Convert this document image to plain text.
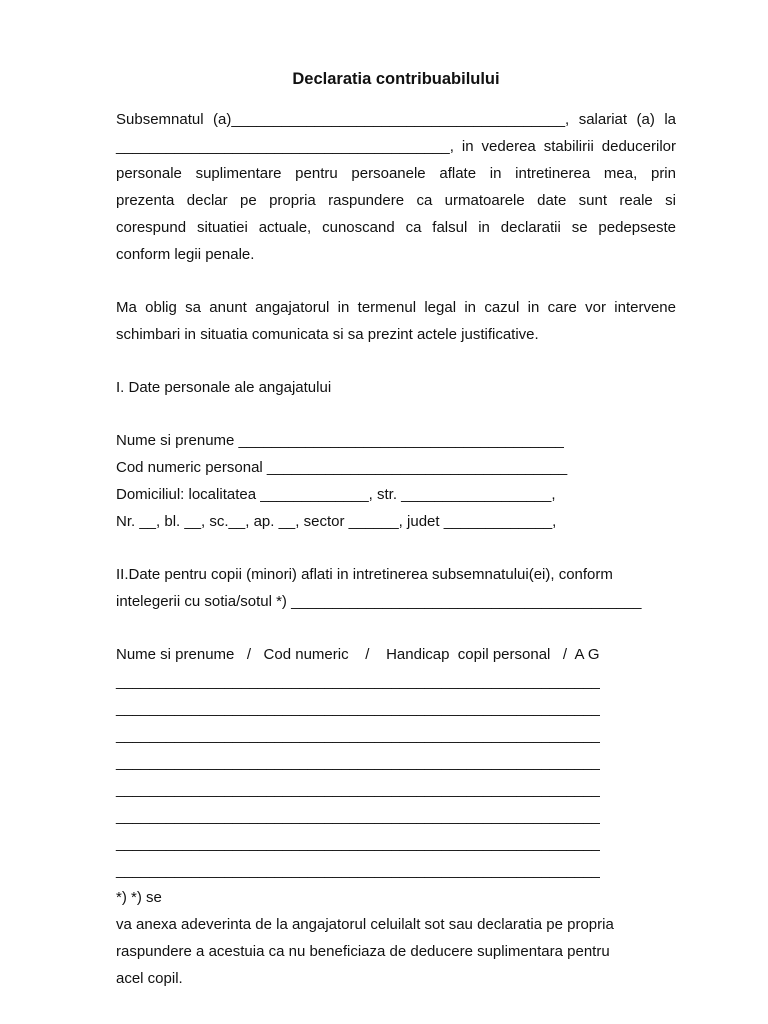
Declaratia contribuabilului
Subsemnatul (a)________________________________________, salariat (a) la
________________________________________, in vederea stabilirii deducerilor
personale suplimentare pentru persoanele aflate in intretinerea mea, prin
prezenta declar pe propria raspundere ca urmatoarele date sunt reale si
corespund situatiei actuale, cunoscand ca falsul in declaratii se pedepseste
conform legii penale.
Ma oblig sa anunt angajatorul in termenul legal in cazul in care vor intervene
schimbari in situatia comunicata si sa prezint actele justificative.
I. Date personale ale angajatului
Nume si prenume _______________________________________
Cod numeric personal ____________________________________
Domiciliul: localitatea _____________, str. __________________,
Nr. __, bl. __, sc.__, ap. __, sector ______, judet _____________,
II.Date pentru copii (minori) aflati in intretinerea subsemnatului(ei), conform
intelegerii cu sotia/sotul *) __________________________________________
Nume si prenume   /   Cod numeric    /    Handicap  copil personal   /  A G
__________________________________________________________
__________________________________________________________
__________________________________________________________
__________________________________________________________
__________________________________________________________
__________________________________________________________
__________________________________________________________
__________________________________________________________
*) *) se
va anexa adeverinta de la angajatorul celuilalt sot sau declaratia pe propria
raspundere a acestuia ca nu beneficiaza de deducere suplimentara pentru
acel copil.
